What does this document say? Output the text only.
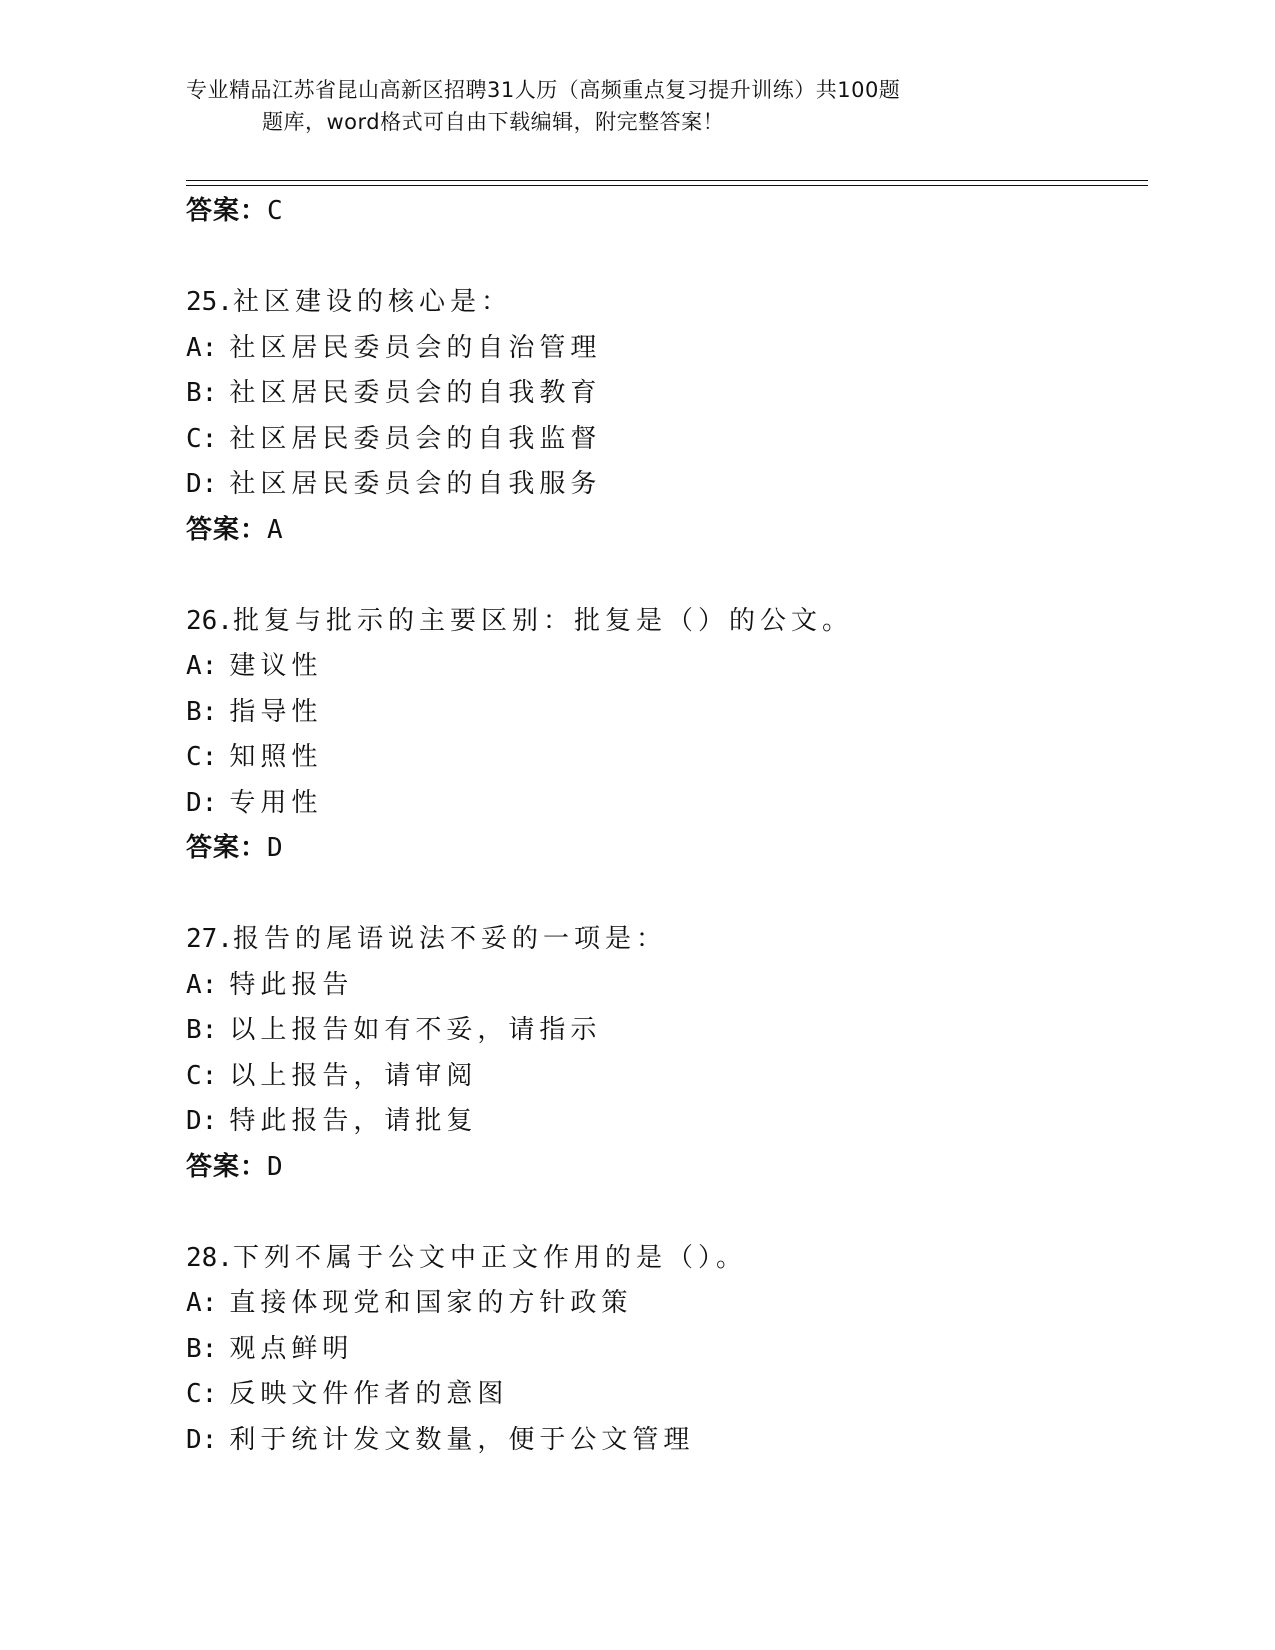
专业精品江苏省昆山高新区招聘31人历（高频重点复习提升训练）共100题
题库，word格式可自由下载编辑，附完整答案！
答案：C
25.社区建设的核心是：
A: 社区居民委员会的自治管理
B: 社区居民委员会的自我教育
C: 社区居民委员会的自我监督
D: 社区居民委员会的自我服务
答案：A
26.批复与批示的主要区别：批复是（）的公文。
A: 建议性
B: 指导性
C: 知照性
D: 专用性
答案：D
27.报告的尾语说法不妥的一项是：
A: 特此报告
B: 以上报告如有不妥，请指示
C: 以上报告，请审阅
D: 特此报告，请批复
答案：D
28.下列不属于公文中正文作用的是（）。
A: 直接体现党和国家的方针政策
B: 观点鲜明
C: 反映文件作者的意图
D: 利于统计发文数量，便于公文管理
